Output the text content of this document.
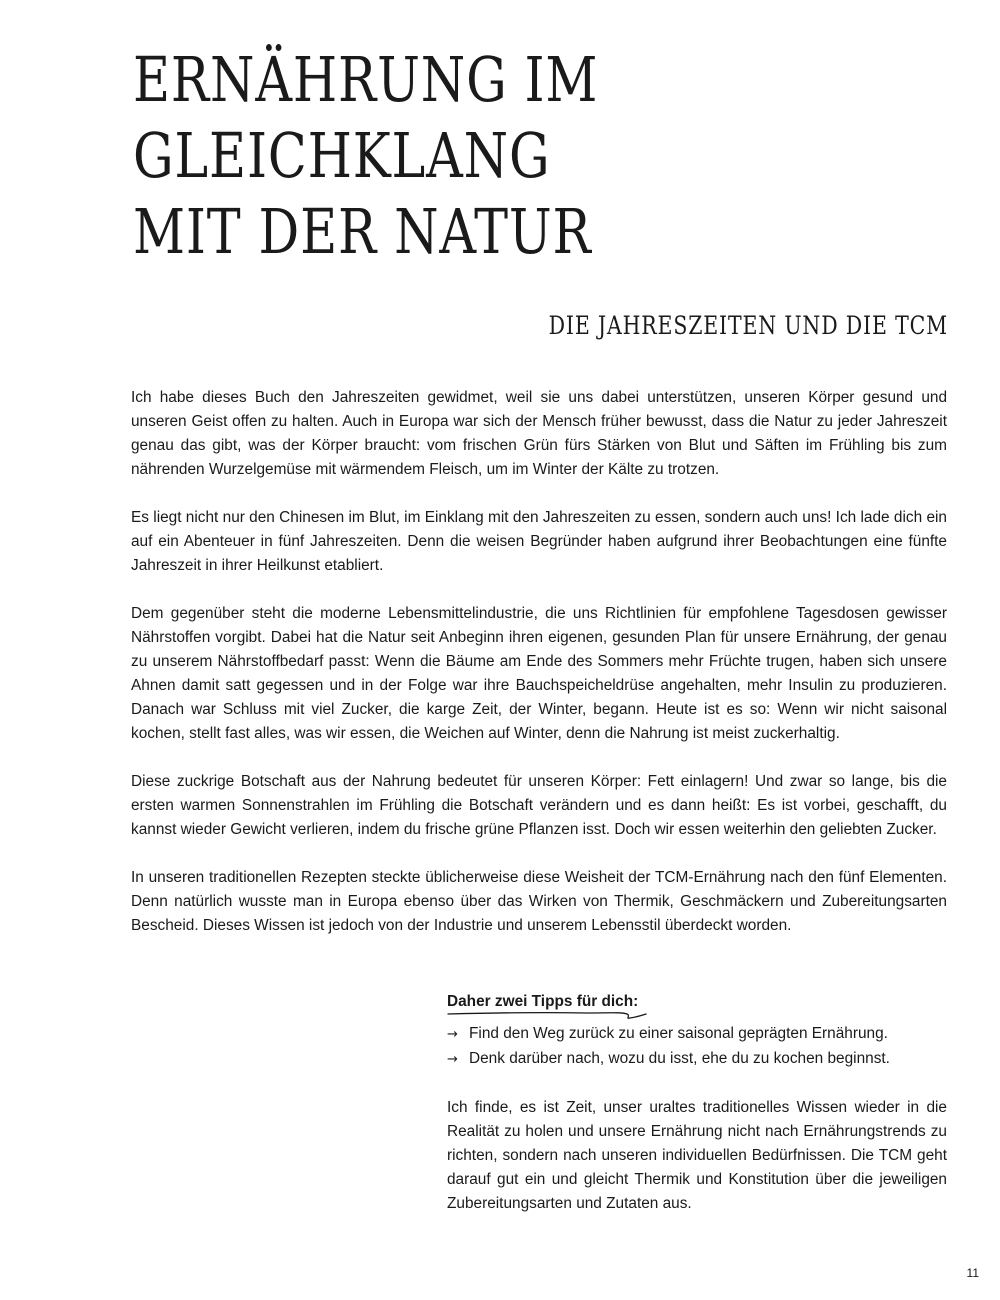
ERNÄHRUNG IM
GLEICHKLANG
MIT DER NATUR
DIE JAHRESZEITEN UND DIE TCM

Ich habe dieses Buch den Jahreszeiten gewidmet, weil sie uns dabei unterstützen, unseren Körper gesund und unseren Geist offen zu halten. Auch in Europa war sich der Mensch früher bewusst, dass die Natur zu jeder Jahreszeit genau das gibt, was der Körper braucht: vom frischen Grün fürs Stärken von Blut und Säften im Frühling bis zum nährenden Wurzelgemüse mit wärmendem Fleisch, um im Winter der Kälte zu trotzen.

Es liegt nicht nur den Chinesen im Blut, im Einklang mit den Jahreszeiten zu essen, sondern auch uns! Ich lade dich ein auf ein Abenteuer in fünf Jahreszeiten. Denn die weisen Begründer haben aufgrund ihrer Beobachtungen eine fünfte Jahreszeit in ihrer Heilkunst etabliert.

Dem gegenüber steht die moderne Lebensmittelindustrie, die uns Richtlinien für empfohlene Tagesdosen gewisser Nährstoffen vorgibt. Dabei hat die Natur seit Anbeginn ihren eigenen, gesunden Plan für unsere Ernährung, der genau zu unserem Nährstoffbedarf passt: Wenn die Bäume am Ende des Sommers mehr Früchte trugen, haben sich unsere Ahnen damit satt gegessen und in der Folge war ihre Bauchspeicheldrüse angehalten, mehr Insulin zu produzieren. Danach war Schluss mit viel Zucker, die karge Zeit, der Winter, begann. Heute ist es so: Wenn wir nicht saisonal kochen, stellt fast alles, was wir essen, die Weichen auf Winter, denn die Nahrung ist meist zuckerhaltig.

Diese zuckrige Botschaft aus der Nahrung bedeutet für unseren Körper: Fett einlagern! Und zwar so lange, bis die ersten warmen Sonnenstrahlen im Frühling die Botschaft verändern und es dann heißt: Es ist vorbei, geschafft, du kannst wieder Gewicht verlieren, indem du frische grüne Pflanzen isst. Doch wir essen weiterhin den geliebten Zucker.

In unseren traditionellen Rezepten steckte üblicherweise diese Weisheit der TCM-Ernährung nach den fünf Elementen. Denn natürlich wusste man in Europa ebenso über das Wirken von Thermik, Geschmäckern und Zubereitungsarten Bescheid. Dieses Wissen ist jedoch von der Industrie und unserem Lebensstil überdeckt worden.

Daher zwei Tipps für dich:
→ Find den Weg zurück zu einer saisonal geprägten Ernährung.
→ Denk darüber nach, wozu du isst, ehe du zu kochen beginnst.

Ich finde, es ist Zeit, unser uraltes traditionelles Wissen wieder in die Realität zu holen und unsere Ernährung nicht nach Ernährungstrends zu richten, sondern nach unseren individuellen Bedürfnissen. Die TCM geht darauf gut ein und gleicht Thermik und Konstitution über die jeweiligen Zubereitungsarten und Zutaten aus.

11
